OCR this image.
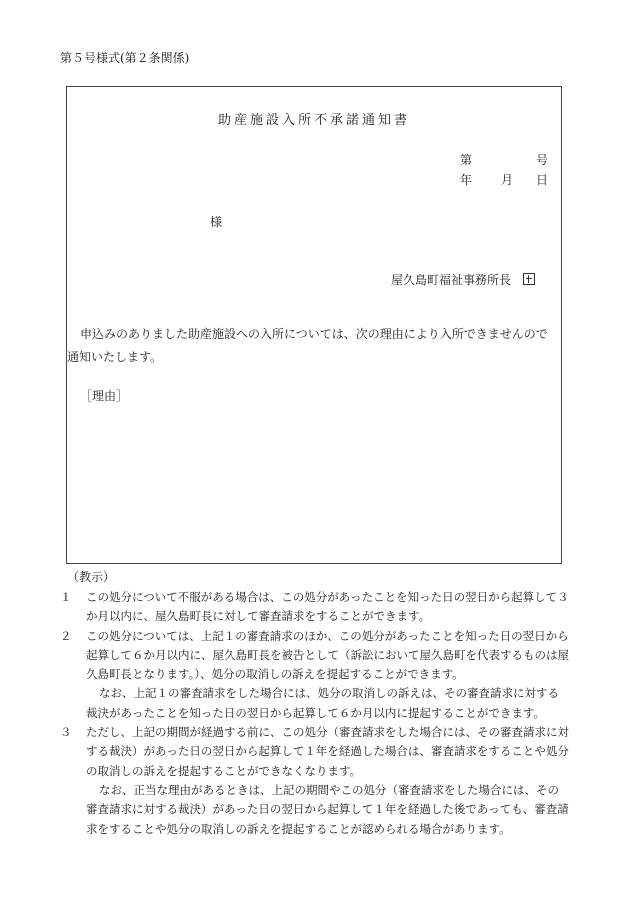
第５号様式(第２条関係)
助産施設入所不承諾通知書
第	号
年 月 日
様
屋久島町福祉事務所長

申込みのありました助産施設への入所については、次の理由により入所できませんので通知いたします。

［理由］
（教示）
１	この処分について不服がある場合は、この処分があったことを知った日の翌日から起算して３か月以内に、屋久島町長に対して審査請求をすることができます。
２	この処分については、上記１の審査請求のほか、この処分があったことを知った日の翌日から起算して６か月以内に、屋久島町長を被告として（訴訟において屋久島町を代表するものは屋久島町長となります。）、処分の取消しの訴えを提起することができます。

なお、上記１の審査請求をした場合には、処分の取消しの訴えは、その審査請求に対する裁決があったことを知った日の翌日から起算して６か月以内に提起することができます。

３	ただし、上記の期間が経過する前に、この処分（審査請求をした場合には、その審査請求に対する裁決）があった日の翌日から起算して１年を経過した場合は、審査請求をすることや処分の取消しの訴えを提起することができなくなります。

なお、正当な理由があるときは、上記の期間やこの処分（審査請求をした場合には、その審査請求に対する裁決）があった日の翌日から起算して１年を経過した後であっても、審査請求をすることや処分の取消しの訴えを提起することが認められる場合があります。
